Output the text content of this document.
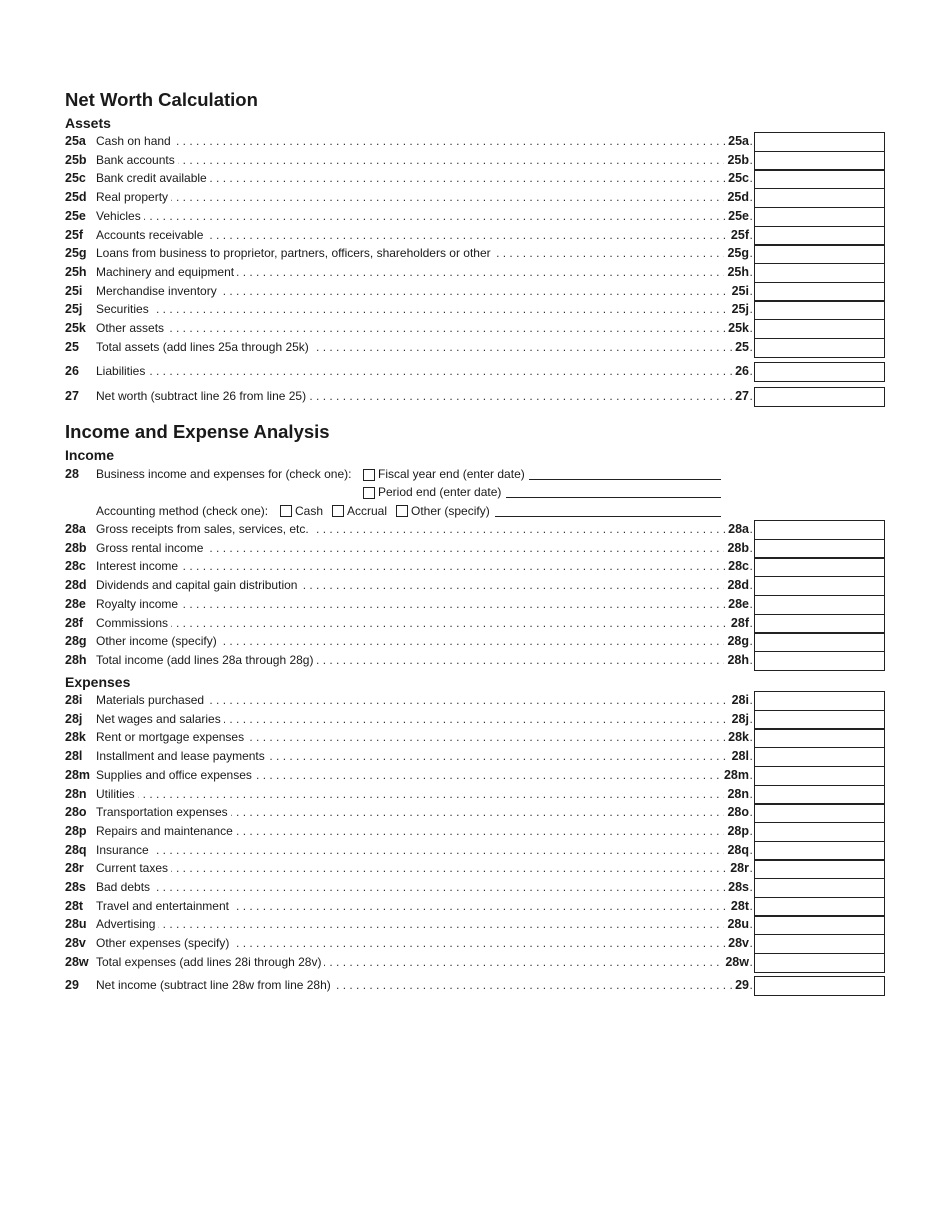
Net Worth Calculation
Assets
25a Cash on hand . . .	25a
25b Bank accounts . . .	25b
25c Bank credit available . . .	25c
25d Real property . . .	25d
25e Vehicles . . .	25e
25f Accounts receivable . . .	25f
25g Loans from business to proprietor, partners, officers, shareholders or other . . .	25g
25h Machinery and equipment . . .	25h
25i Merchandise inventory . . .	25i
25j Securities . . .	25j
25k Other assets . . .	25k
25 Total assets (add lines 25a through 25k) . . .	25
26 Liabilities . . .	26
27 Net worth (subtract line 26 from line 25) . . .	27
Income and Expense Analysis
Income
28 Business income and expenses for (check one): Fiscal year end (enter date)
Period end (enter date)
Accounting method (check one): Cash Accrual Other (specify)
28a Gross receipts from sales, services, etc. . . .	28a
28b Gross rental income . . .	28b
28c Interest income . . .	28c
28d Dividends and capital gain distribution . . .	28d
28e Royalty income . . .	28e
28f Commissions . . .	28f
28g Other income (specify) . . .	28g
28h Total income (add lines 28a through 28g) . . .	28h
Expenses
28i Materials purchased . . .	28i
28j Net wages and salaries . . .	28j
28k Rent or mortgage expenses . . .	28k
28l Installment and lease payments . . .	28l
28m Supplies and office expenses . . .	28m
28n Utilities . . .	28n
28o Transportation expenses . . .	28o
28p Repairs and maintenance . . .	28p
28q Insurance . . .	28q
28r Current taxes . . .	28r
28s Bad debts . . .	28s
28t Travel and entertainment . . .	28t
28u Advertising . . .	28u
28v Other expenses (specify) . . .	28v
28w Total expenses (add lines 28i through 28v) . . .	28w
29 Net income (subtract line 28w from line 28h) . . .	29
